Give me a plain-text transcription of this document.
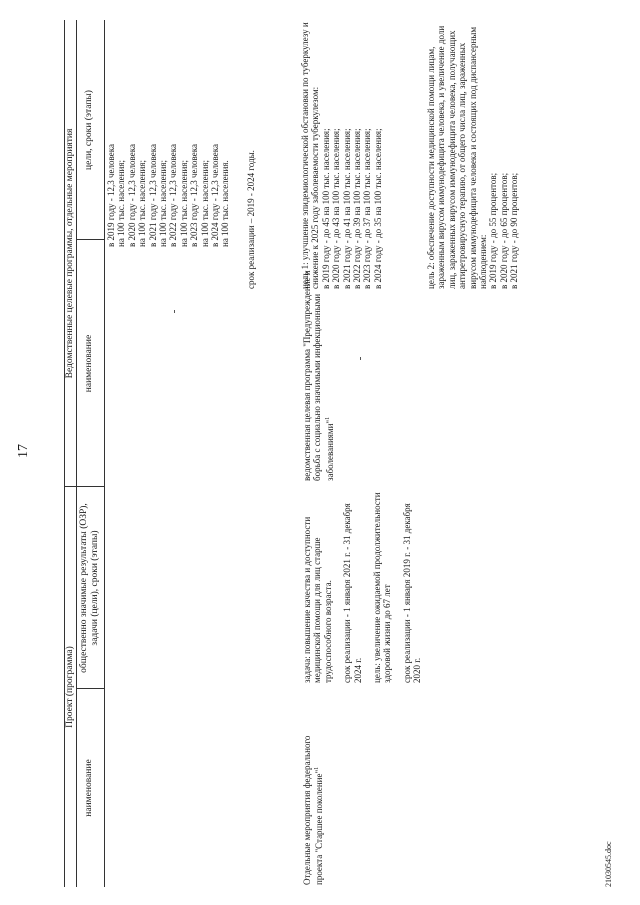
17
Проект (программа)
наименование
общественно значимые результаты (ОЗР), задачи (цели), сроки (этапы)
Ведомственные целевые программы, отдельные мероприятия наименование
цели, сроки (этапы)
Отдельные мероприятия федерального проекта "Старшее поколение"$^1$

задача: повышение качества и доступности медицинской помощи для лиц старше трудоспособного возраста. срок реализации - 1 января 2021 г. - 31 декабря 2024 г. цель: увеличение ожидаемой продолжительности здоровой жизни до 67 лет срок реализации - 1 января 2019 г. - 31 декабря 2020 г.

ведомственная целевая программа "Предупреждение и борьба с социально значимыми инфекционными заболеваниями"$^1$
в 2019 году - 12,3 человека на 100 тыс. населения; в 2020 году - 12,3 человека на 100 тыс. населения; в 2021 году - 12,3 человека на 100 тыс. населения; в 2022 году - 12,3 человека на 100 тыс. населения; в 2023 году - 12,3 человека на 100 тыс. населения; в 2024 году - 12,3 человека на 100 тыс. населения. срок реализации – 2019 - 2024 годы.	цель 1: улучшение эпидемиологической обстановки по туберкулезу и снижение к 2025 году заболеваемости туберкулезом: в 2019 году - до 45 на 100 тыс. населения; в 2020 году - до 43 на 100 тыс. населения; в 2021 году - до 41 на 100 тыс. населения; в 2022 году - до 39 на 100 тыс. населения; в 2023 году - до 37 на 100 тыс. населения; в 2024 году - до 35 на 100 тыс. населения;	цель 2: обеспечение доступности медицинской помощи лицам, зараженным вирусом иммунодефицита человека, и увеличение доли лиц, зараженных вирусом иммунодефицита человека, получающих антиретровирусную терапию, от общего числа лиц, зараженных вирусом иммунодефицита человека и состоящих под диспансерным наблюдением: в 2019 году - до 55 процентов; в 2020 году - до 65 процентов; в 2021 году - до 90 процентов;
21030545.doc
